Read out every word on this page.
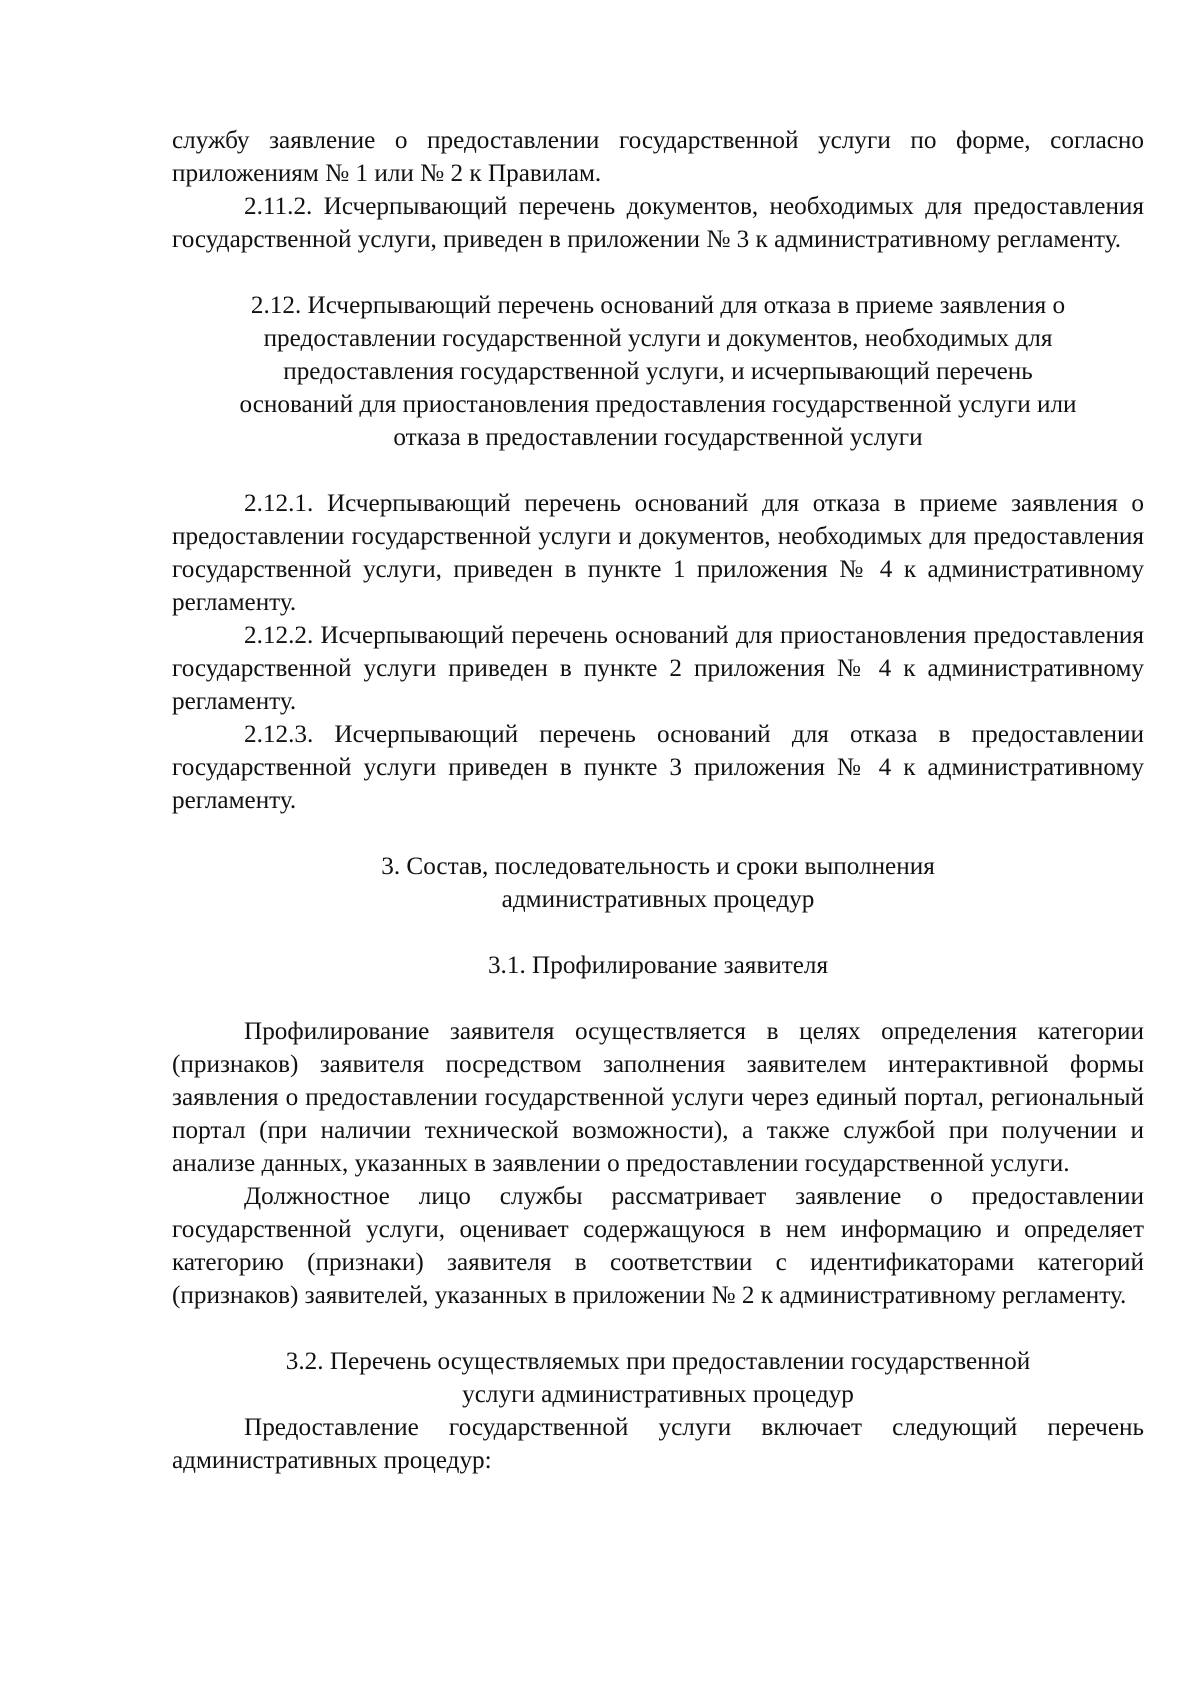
службу заявление о предоставлении государственной услуги по форме, согласно приложениям № 1 или № 2 к Правилам.

2.11.2. Исчерпывающий перечень документов, необходимых для предоставления государственной услуги, приведен в приложении № 3 к административному регламенту.

2.12. Исчерпывающий перечень оснований для отказа в приеме заявления о

предоставлении государственной услуги и документов, необходимых для

предоставления государственной услуги, и исчерпывающий перечень

оснований для приостановления предоставления государственной услуги или

отказа в предоставлении государственной услуги

2.12.1. Исчерпывающий перечень оснований для отказа в приеме заявления о предоставлении государственной услуги и документов, необходимых для предоставления государственной услуги, приведен в пункте 1 приложения № 4 к административному регламенту.

2.12.2. Исчерпывающий перечень оснований для приостановления предоставления государственной услуги приведен в пункте 2 приложения № 4 к административному регламенту.

2.12.3. Исчерпывающий перечень оснований для отказа в предоставлении государственной услуги приведен в пункте 3 приложения № 4 к административному регламенту.

3. Состав, последовательность и сроки выполнения

административных процедур

3.1. Профилирование заявителя

Профилирование заявителя осуществляется в целях определения категории (признаков) заявителя посредством заполнения заявителем интерактивной формы заявления о предоставлении государственной услуги через единый портал, региональный портал (при наличии технической возможности), а также службой при получении и анализе данных, указанных в заявлении о предоставлении государственной услуги.

Должностное лицо службы рассматривает заявление о предоставлении государственной услуги, оценивает содержащуюся в нем информацию и определяет категорию (признаки) заявителя в соответствии с идентификаторами категорий (признаков) заявителей, указанных в приложении № 2 к административному регламенту.

3.2. Перечень осуществляемых при предоставлении государственной

услуги административных процедур

Предоставление государственной услуги включает следующий перечень административных процедур:
